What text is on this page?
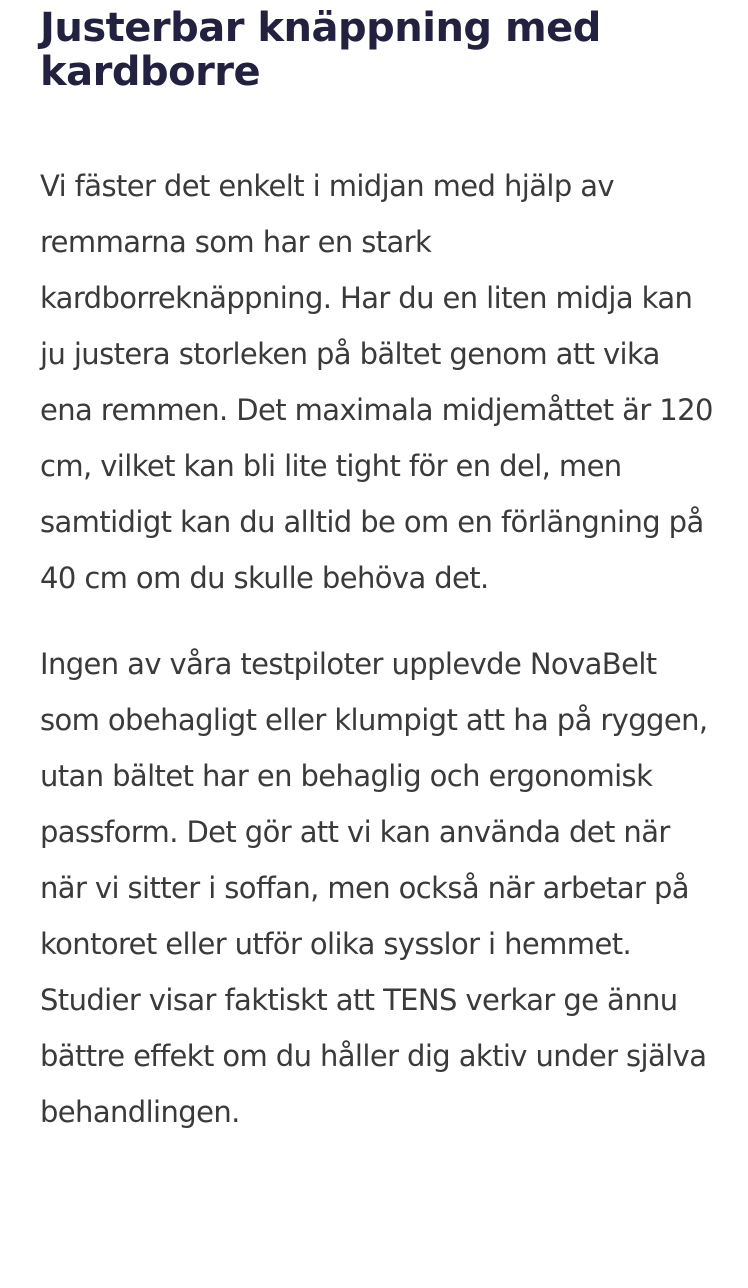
Justerbar knäppning med kardborre

Vi fäster det enkelt i midjan med hjälp av remmarna som har en stark kardborreknäppning. Har du en liten midja kan ju justera storleken på bältet genom att vika ena remmen. Det maximala midjemåttet är 120 cm, vilket kan bli lite tight för en del, men samtidigt kan du alltid be om en förlängning på 40 cm om du skulle behöva det.

Ingen av våra testpiloter upplevde NovaBelt som obehagligt eller klumpigt att ha på ryggen, utan bältet har en behaglig och ergonomisk passform. Det gör att vi kan använda det när när vi sitter i soffan, men också när arbetar på kontoret eller utför olika sysslor i hemmet. Studier visar faktiskt att TENS verkar ge ännu bättre effekt om du håller dig aktiv under själva behandlingen.
